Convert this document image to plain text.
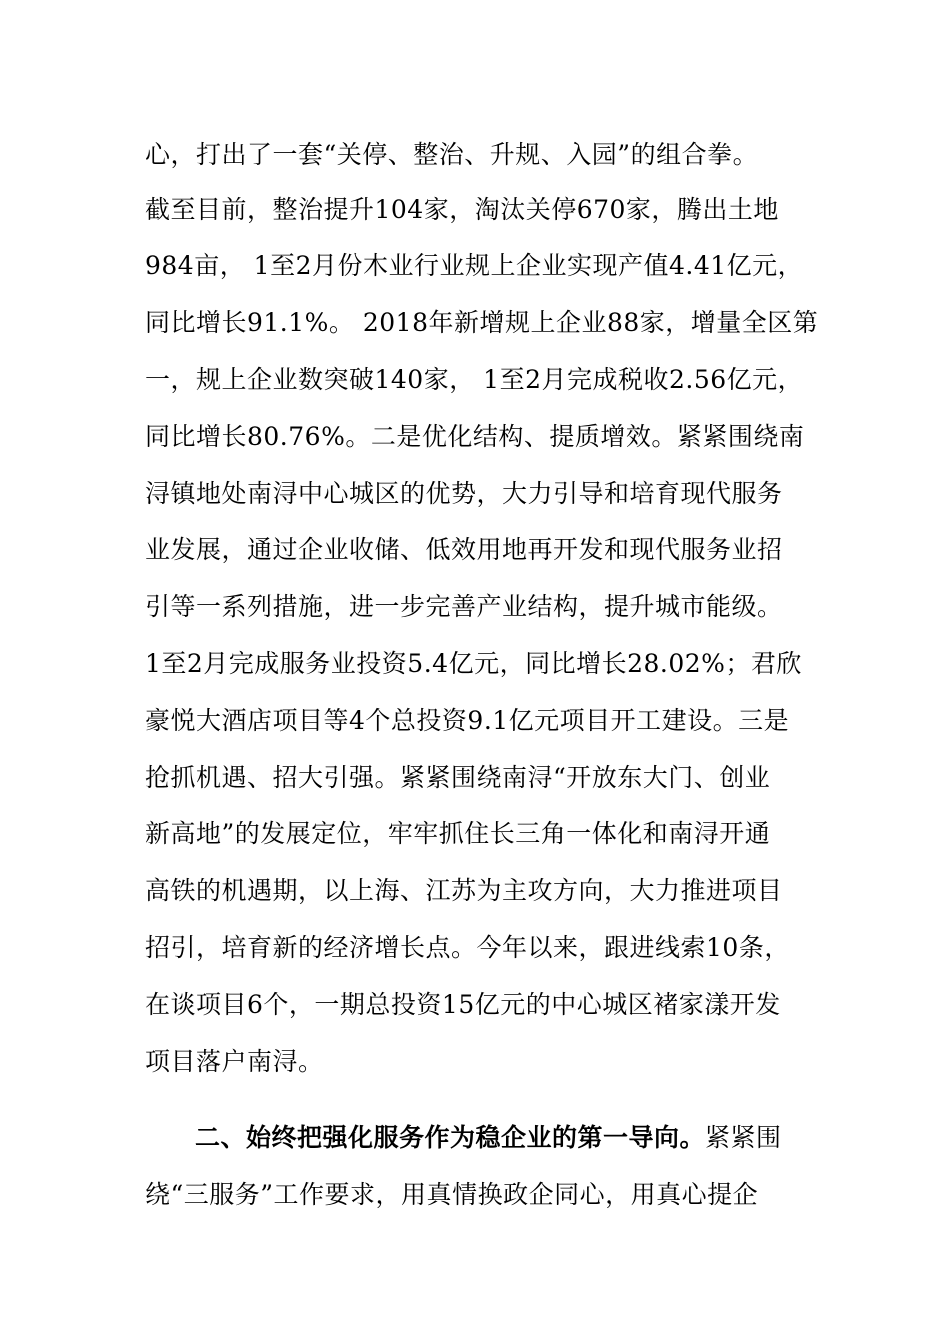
心，打出了一套“关停、整治、升规、入园”的组合拳。
截至目前，整治提升104家，淘汰关停670家，腾出土地
984亩， 1至2月份木业行业规上企业实现产值4.41亿元，
同比增长91.1%。 2018年新增规上企业88家，增量全区第
一，规上企业数突破140家， 1至2月完成税收2.56亿元，
同比增长80.76%。二是优化结构、提质增效。紧紧围绕南
浔镇地处南浔中心城区的优势，大力引导和培育现代服务
业发展，通过企业收储、低效用地再开发和现代服务业招
引等一系列措施，进一步完善产业结构，提升城市能级。
1至2月完成服务业投资5.4亿元，同比增长28.02%；君欣
豪悦大酒店项目等4个总投资9.1亿元项目开工建设。三是
抢抓机遇、招大引强。紧紧围绕南浔“开放东大门、创业
新高地”的发展定位，牢牢抓住长三角一体化和南浔开通
高铁的机遇期，以上海、江苏为主攻方向，大力推进项目
招引，培育新的经济增长点。今年以来，跟进线索10条，
在谈项目6个，一期总投资15亿元的中心城区褚家漾开发
项目落户南浔。
二、始终把强化服务作为稳企业的第一导向。紧紧围
绕“三服务”工作要求，用真情换政企同心，用真心提企
